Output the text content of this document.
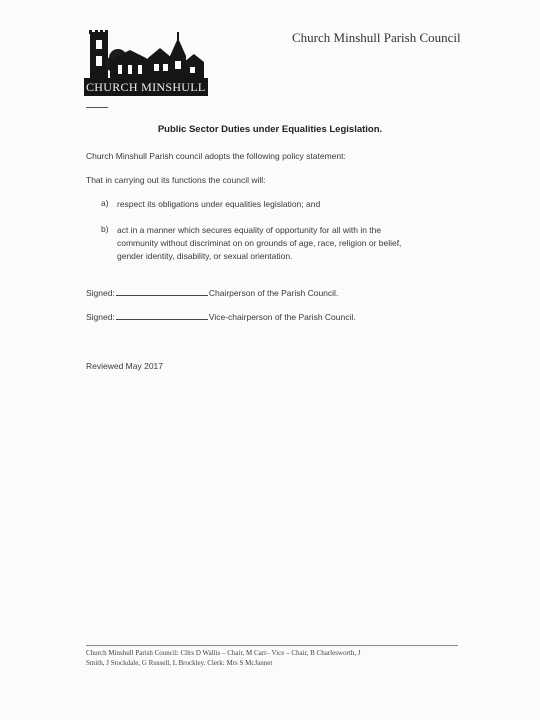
CHURCH MINSHULL
Church Minshull Parish Council
Public Sector Duties under Equalities Legislation.
Church Minshull Parish council adopts the following policy statement:
That in carrying out its functions the council will:
a) respect its obligations under equalities legislation; and
b) act in a manner which secures equality of opportunity for all with in the
community without discriminat on on grounds of age, race, religion or belief,
gender identity, disability, or sexual orientation.
Signed:	Chairperson of the Parish Council.
Signed:	Vice-chairperson of the Parish Council.
Reviewed May 2017
Church Minshull Parish Council: Cllrs D Wallis – Chair, M Carr– Vice – Chair, B Charlesworth, J
Smith, J Stockdale, G Russell, L Brockley. Clerk: Mrs S McJannet
